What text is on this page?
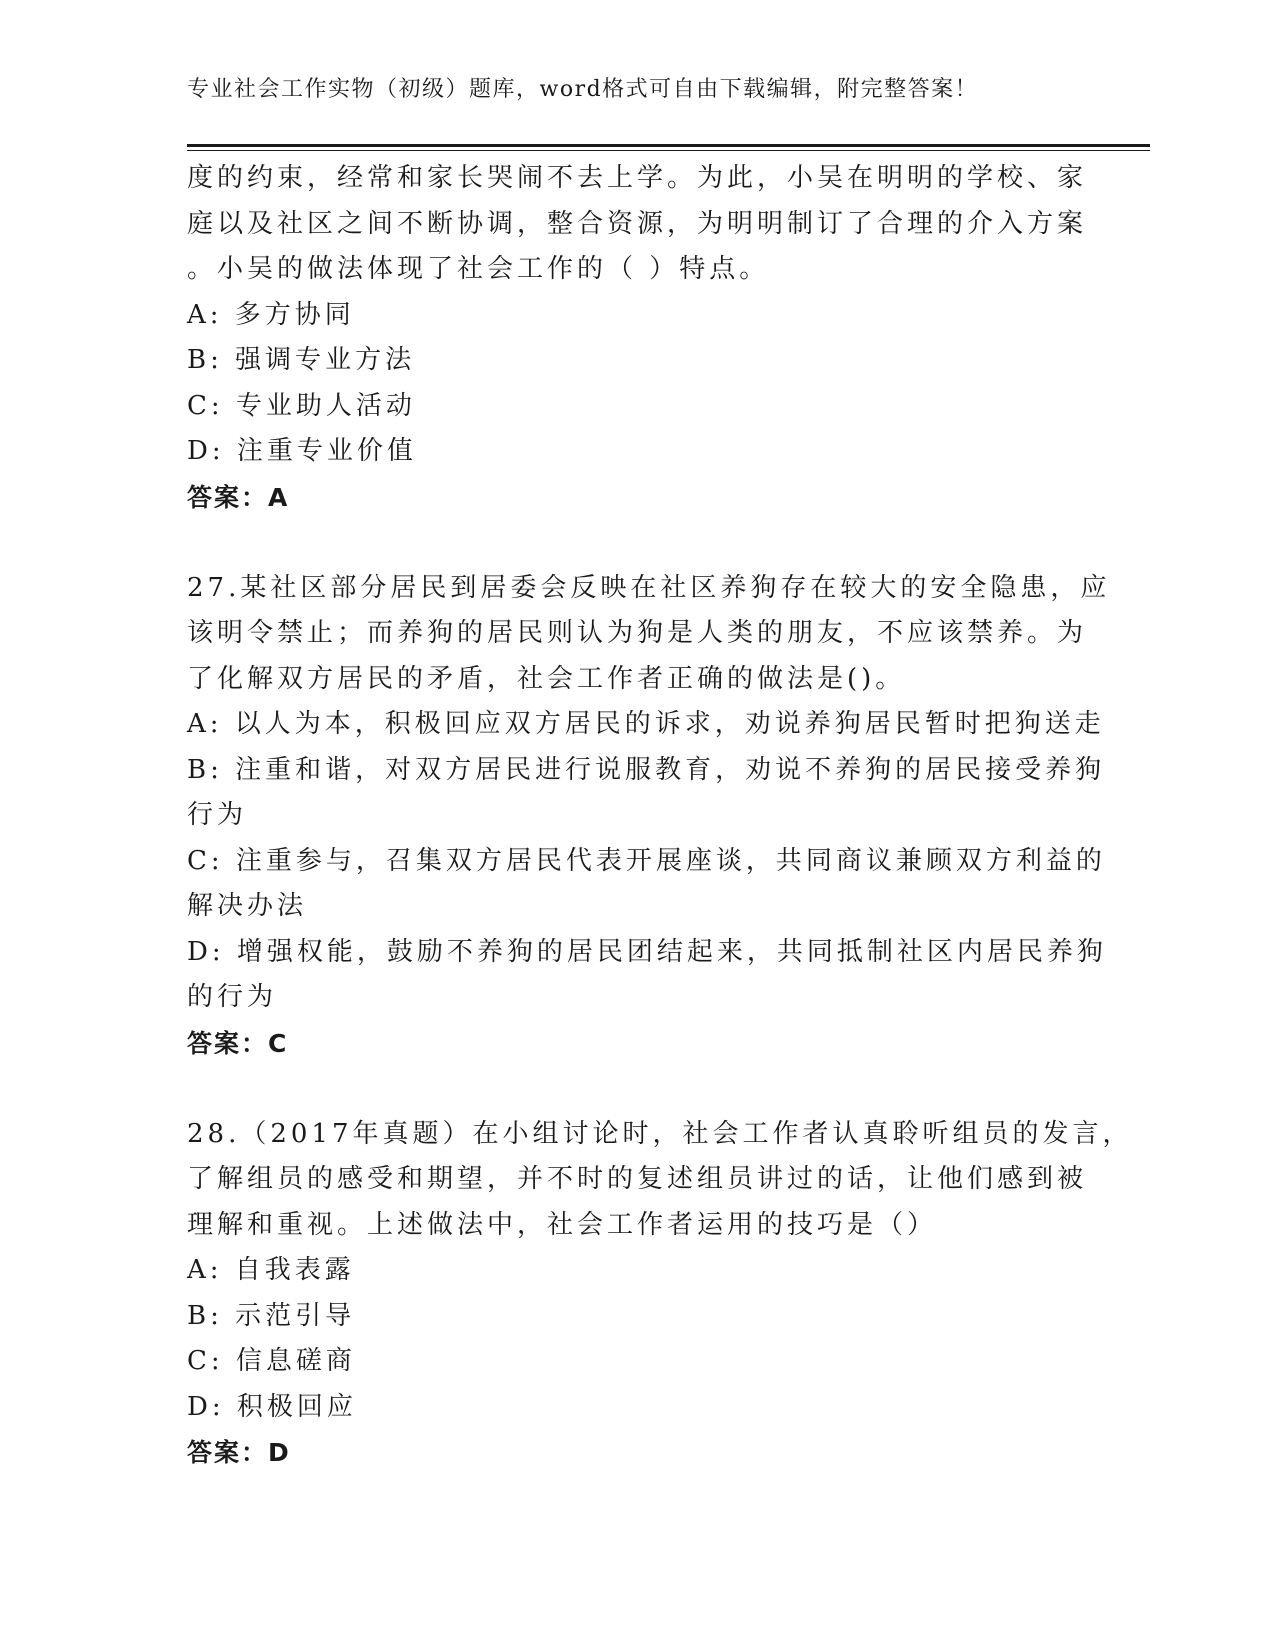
专业社会工作实物（初级）题库，word格式可自由下载编辑，附完整答案！
度的约束，经常和家长哭闹不去上学。为此，小吴在明明的学校、家
庭以及社区之间不断协调，整合资源，为明明制订了合理的介入方案
。小吴的做法体现了社会工作的（ ）特点。
A: 多方协同
B: 强调专业方法
C: 专业助人活动
D: 注重专业价值
答案：A
27.某社区部分居民到居委会反映在社区养狗存在较大的安全隐患，应
该明令禁止；而养狗的居民则认为狗是人类的朋友，不应该禁养。为
了化解双方居民的矛盾，社会工作者正确的做法是()。
A: 以人为本，积极回应双方居民的诉求，劝说养狗居民暂时把狗送走
B: 注重和谐，对双方居民进行说服教育，劝说不养狗的居民接受养狗
行为
C: 注重参与，召集双方居民代表开展座谈，共同商议兼顾双方利益的
解决办法
D: 增强权能，鼓励不养狗的居民团结起来，共同抵制社区内居民养狗
的行为
答案：C
28.（2017年真题）在小组讨论时，社会工作者认真聆听组员的发言，
了解组员的感受和期望，并不时的复述组员讲过的话，让他们感到被
理解和重视。上述做法中，社会工作者运用的技巧是（）
A: 自我表露
B: 示范引导
C: 信息磋商
D: 积极回应
答案：D
